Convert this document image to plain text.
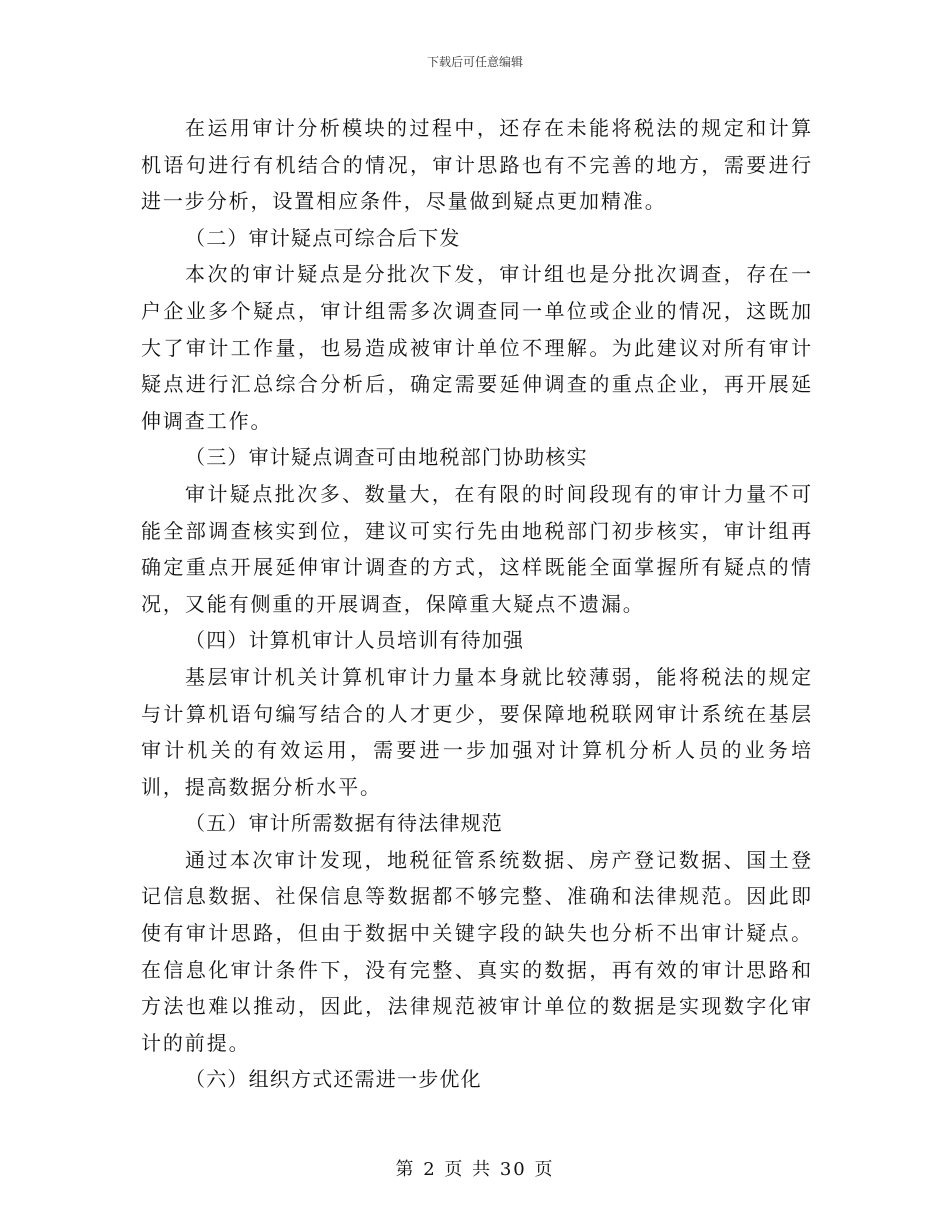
下载后可任意编辑

在运用审计分析模块的过程中，还存在未能将税法的规定和计算机语句进行有机结合的情况，审计思路也有不完善的地方，需要进行进一步分析，设置相应条件，尽量做到疑点更加精准。

（二）审计疑点可综合后下发

本次的审计疑点是分批次下发，审计组也是分批次调查，存在一户企业多个疑点，审计组需多次调查同一单位或企业的情况，这既加大了审计工作量，也易造成被审计单位不理解。为此建议对所有审计疑点进行汇总综合分析后，确定需要延伸调查的重点企业，再开展延伸调查工作。

（三）审计疑点调查可由地税部门协助核实

审计疑点批次多、数量大，在有限的时间段现有的审计力量不可能全部调查核实到位，建议可实行先由地税部门初步核实，审计组再确定重点开展延伸审计调查的方式，这样既能全面掌握所有疑点的情况，又能有侧重的开展调查，保障重大疑点不遗漏。

（四）计算机审计人员培训有待加强

基层审计机关计算机审计力量本身就比较薄弱，能将税法的规定与计算机语句编写结合的人才更少，要保障地税联网审计系统在基层审计机关的有效运用，需要进一步加强对计算机分析人员的业务培训，提高数据分析水平。

（五）审计所需数据有待法律规范

通过本次审计发现，地税征管系统数据、房产登记数据、国土登记信息数据、社保信息等数据都不够完整、准确和法律规范。因此即使有审计思路，但由于数据中关键字段的缺失也分析不出审计疑点。在信息化审计条件下，没有完整、真实的数据，再有效的审计思路和方法也难以推动，因此，法律规范被审计单位的数据是实现数字化审计的前提。

（六）组织方式还需进一步优化

第 2 页 共 30 页
